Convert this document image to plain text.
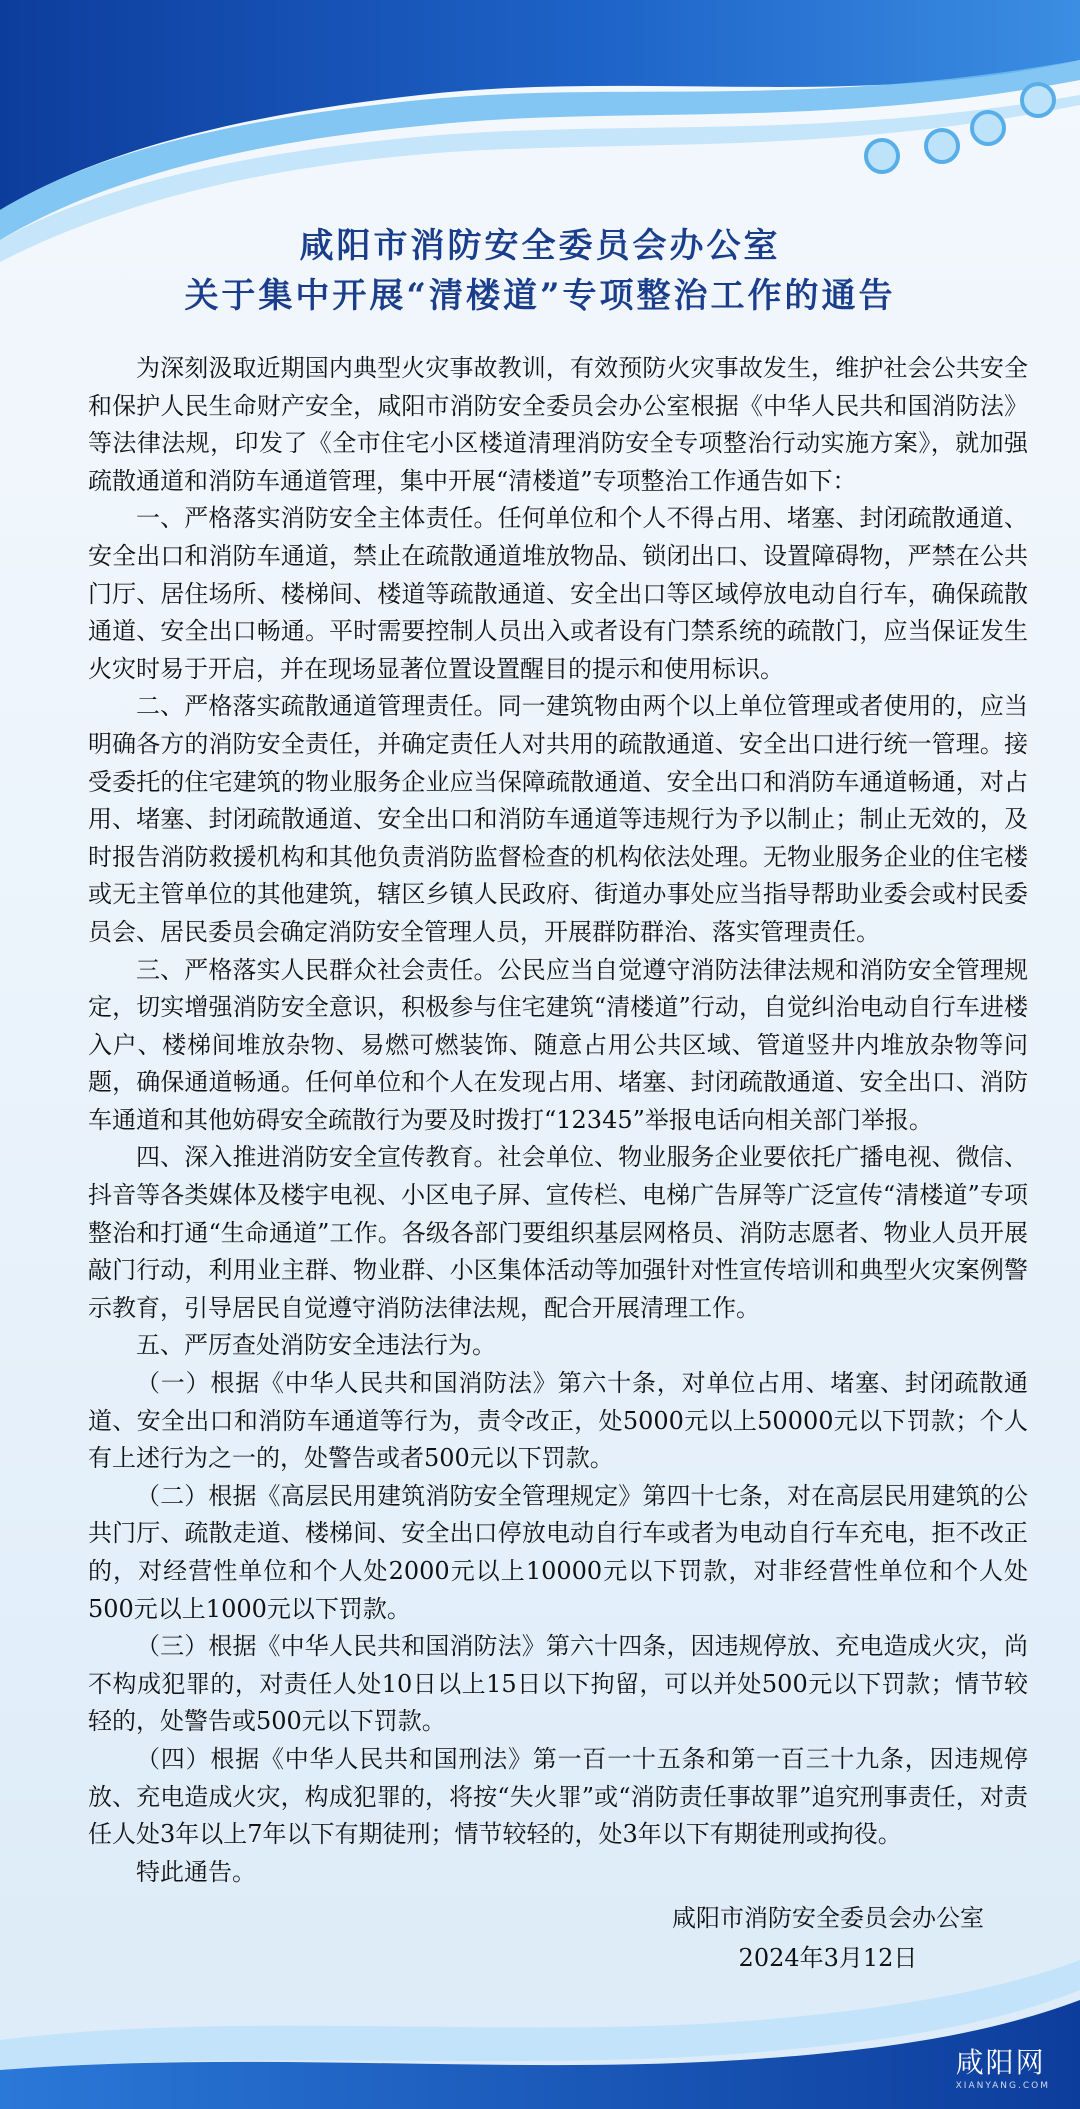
咸阳市消防安全委员会办公室
关于集中开展“清楼道”专项整治工作的通告

为深刻汲取近期国内典型火灾事故教训，有效预防火灾事故发生，维护社会公共安全和保护人民生命财产安全，咸阳市消防安全委员会办公室根据《中华人民共和国消防法》等法律法规，印发了《全市住宅小区楼道清理消防安全专项整治行动实施方案》，就加强疏散通道和消防车通道管理，集中开展“清楼道”专项整治工作通告如下：

一、严格落实消防安全主体责任。任何单位和个人不得占用、堵塞、封闭疏散通道、安全出口和消防车通道，禁止在疏散通道堆放物品、锁闭出口、设置障碍物，严禁在公共门厅、居住场所、楼梯间、楼道等疏散通道、安全出口等区域停放电动自行车，确保疏散通道、安全出口畅通。平时需要控制人员出入或者设有门禁系统的疏散门，应当保证发生火灾时易于开启，并在现场显著位置设置醒目的提示和使用标识。

二、严格落实疏散通道管理责任。同一建筑物由两个以上单位管理或者使用的，应当明确各方的消防安全责任，并确定责任人对共用的疏散通道、安全出口进行统一管理。接受委托的住宅建筑的物业服务企业应当保障疏散通道、安全出口和消防车通道畅通，对占用、堵塞、封闭疏散通道、安全出口和消防车通道等违规行为予以制止；制止无效的，及时报告消防救援机构和其他负责消防监督检查的机构依法处理。无物业服务企业的住宅楼或无主管单位的其他建筑，辖区乡镇人民政府、街道办事处应当指导帮助业委会或村民委员会、居民委员会确定消防安全管理人员，开展群防群治、落实管理责任。

三、严格落实人民群众社会责任。公民应当自觉遵守消防法律法规和消防安全管理规定，切实增强消防安全意识，积极参与住宅建筑“清楼道”行动，自觉纠治电动自行车进楼入户、楼梯间堆放杂物、易燃可燃装饰、随意占用公共区域、管道竖井内堆放杂物等问题，确保通道畅通。任何单位和个人在发现占用、堵塞、封闭疏散通道、安全出口、消防车通道和其他妨碍安全疏散行为要及时拨打“12345”举报电话向相关部门举报。

四、深入推进消防安全宣传教育。社会单位、物业服务企业要依托广播电视、微信、抖音等各类媒体及楼宇电视、小区电子屏、宣传栏、电梯广告屏等广泛宣传“清楼道”专项整治和打通“生命通道”工作。各级各部门要组织基层网格员、消防志愿者、物业人员开展敲门行动，利用业主群、物业群、小区集体活动等加强针对性宣传培训和典型火灾案例警示教育，引导居民自觉遵守消防法律法规，配合开展清理工作。

五、严厉查处消防安全违法行为。

（一）根据《中华人民共和国消防法》第六十条，对单位占用、堵塞、封闭疏散通道、安全出口和消防车通道等行为，责令改正，处5000元以上50000元以下罚款；个人有上述行为之一的，处警告或者500元以下罚款。

（二）根据《高层民用建筑消防安全管理规定》第四十七条，对在高层民用建筑的公共门厅、疏散走道、楼梯间、安全出口停放电动自行车或者为电动自行车充电，拒不改正的，对经营性单位和个人处2000元以上10000元以下罚款，对非经营性单位和个人处500元以上1000元以下罚款。

（三）根据《中华人民共和国消防法》第六十四条，因违规停放、充电造成火灾，尚不构成犯罪的，对责任人处10日以上15日以下拘留，可以并处500元以下罚款；情节较轻的，处警告或500元以下罚款。

（四）根据《中华人民共和国刑法》第一百一十五条和第一百三十九条，因违规停放、充电造成火灾，构成犯罪的，将按“失火罪”或“消防责任事故罪”追究刑事责任，对责任人处3年以上7年以下有期徒刑；情节较轻的，处3年以下有期徒刑或拘役。

特此通告。

咸阳市消防安全委员会办公室
2024年3月12日
咸阳网
XIANYANG.COM
